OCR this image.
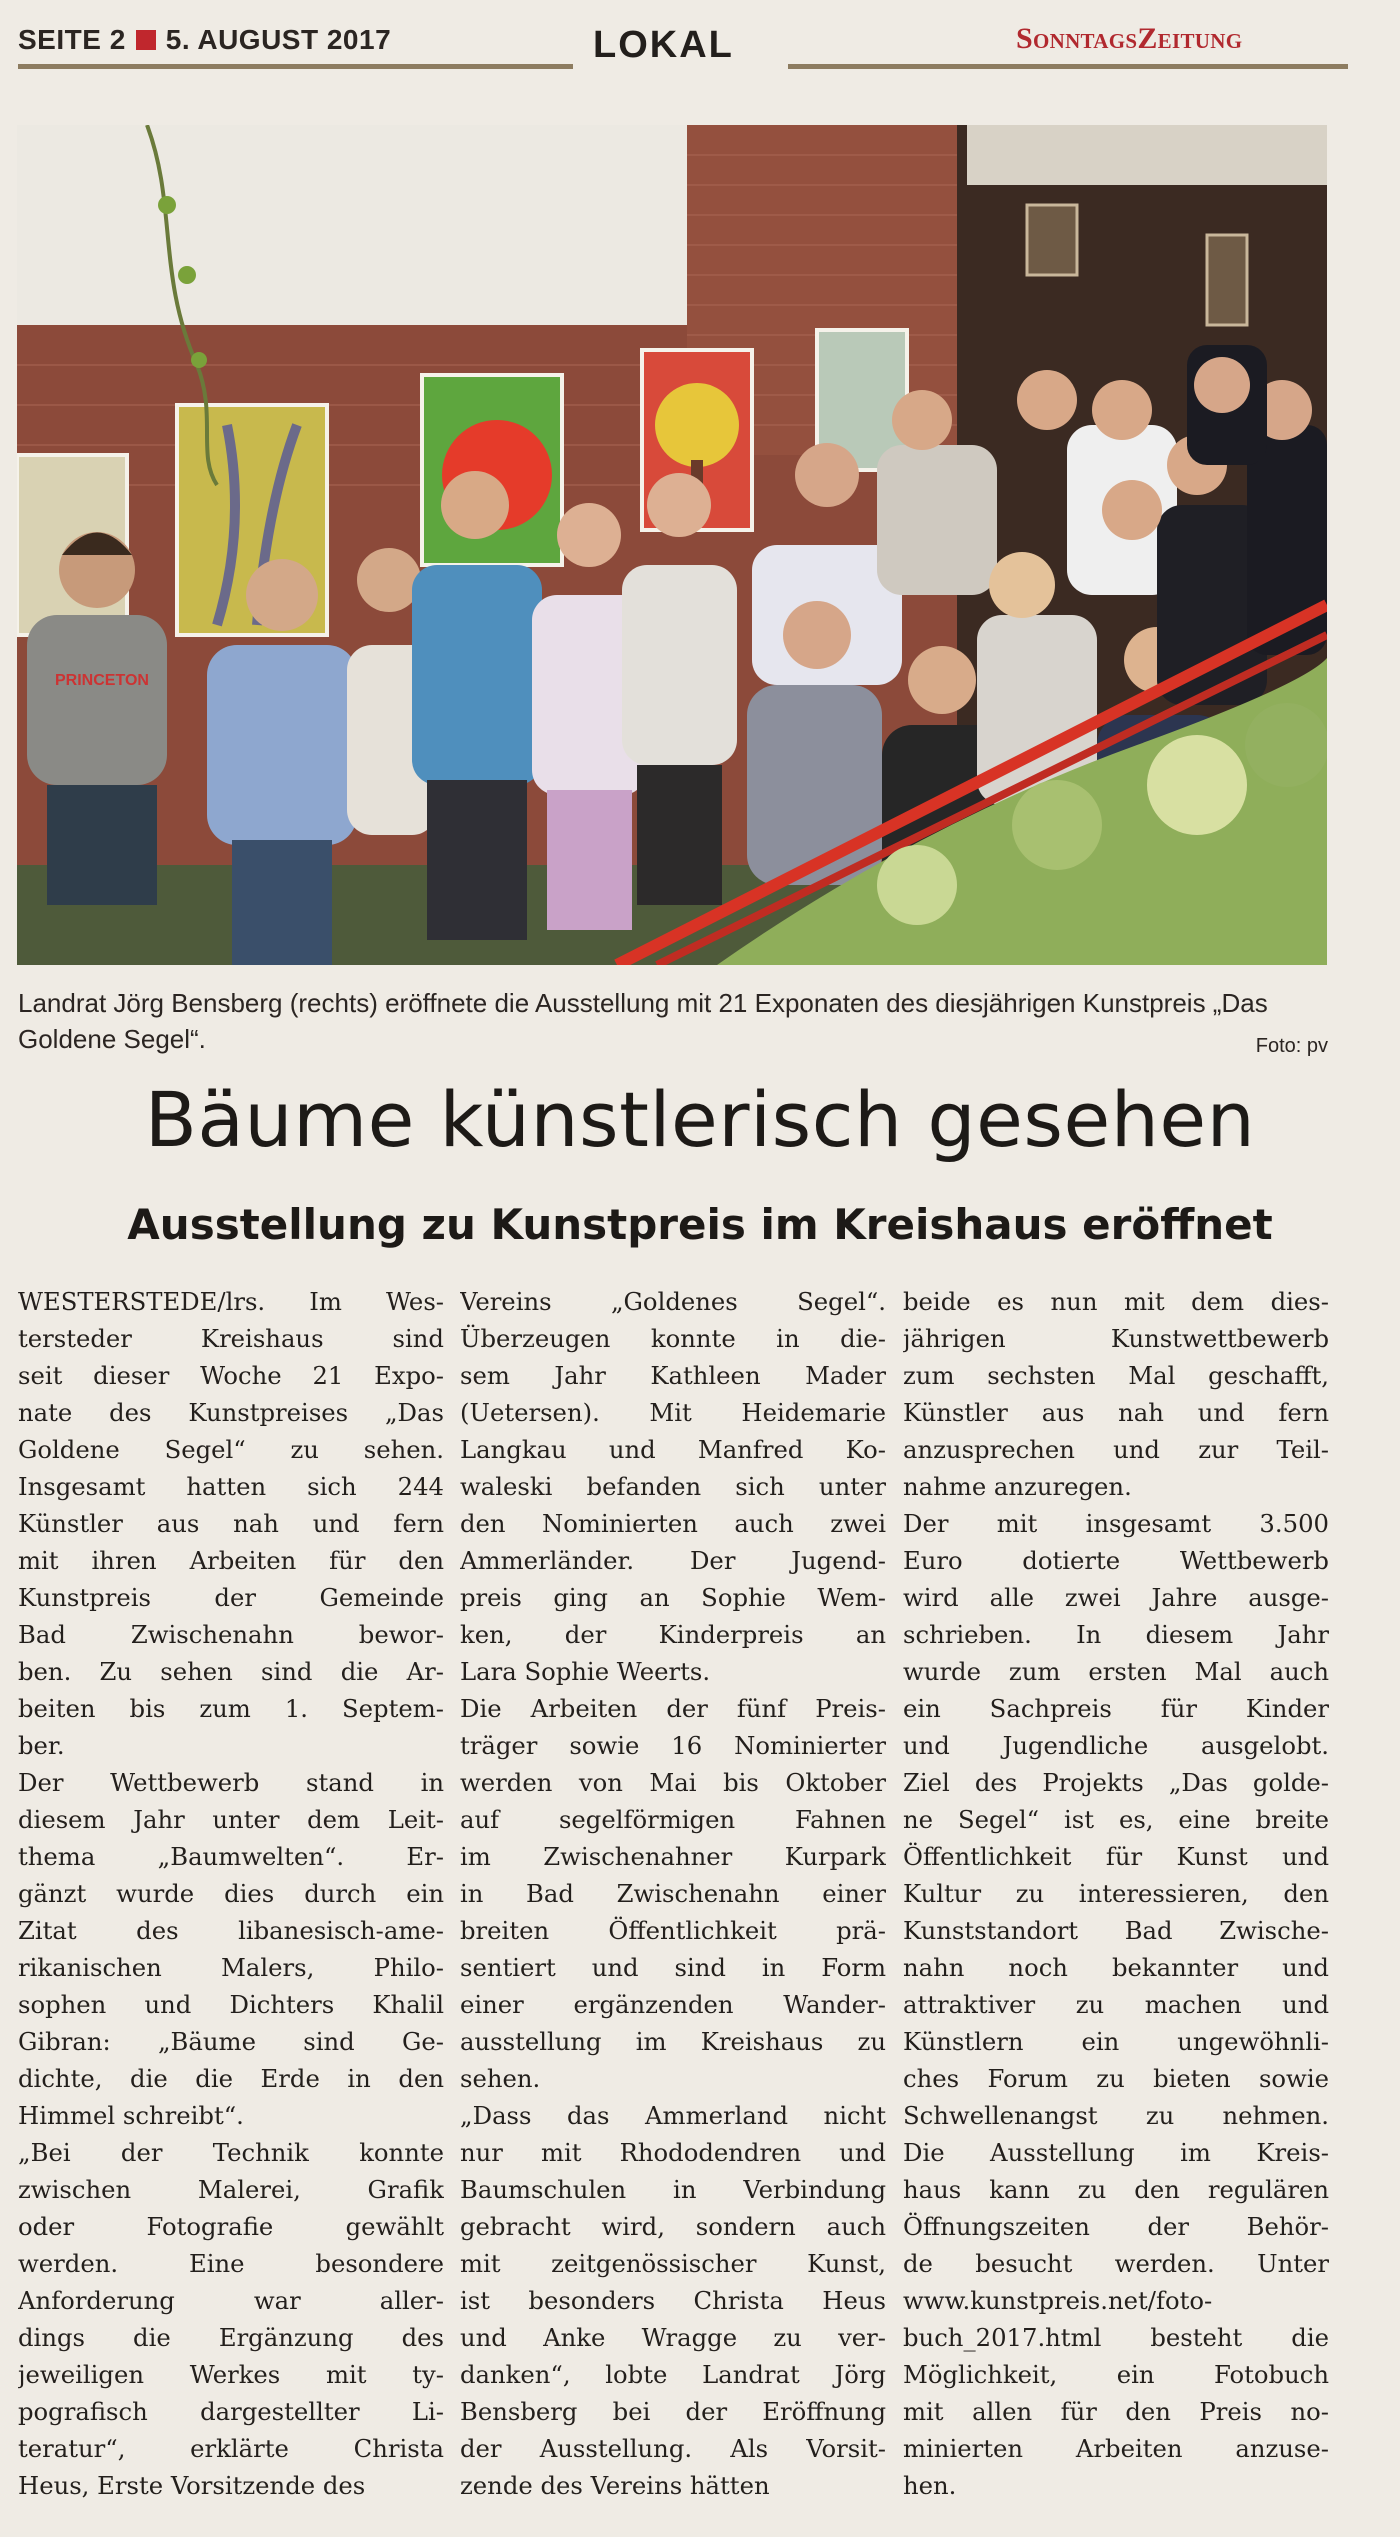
SEITE 2 5. AUGUST 2017	LOKAL	SonntagsZeitung
PRINCETON
Landrat Jörg Bensberg (rechts) eröffnete die Ausstellung mit 21 Exponaten des diesjährigen Kunstpreis „Das Goldene Segel“.	Foto: pv
Bäume künstlerisch gesehen
Ausstellung zu Kunstpreis im Kreishaus eröffnet
WESTERSTEDE/lrs. Im Wes-
tersteder Kreishaus sind
seit dieser Woche 21 Expo-
nate des Kunstpreises „Das
Goldene Segel“ zu sehen.
Insgesamt hatten sich 244
Künstler aus nah und fern
mit ihren Arbeiten für den
Kunstpreis der Gemeinde
Bad Zwischenahn bewor-
ben. Zu sehen sind die Ar-
beiten bis zum 1. Septem-
ber.
Der Wettbewerb stand in
diesem Jahr unter dem Leit-
thema „Baumwelten“. Er-
gänzt wurde dies durch ein
Zitat des libanesisch-ame-
rikanischen Malers, Philo-
sophen und Dichters Khalil
Gibran: „Bäume sind Ge-
dichte, die die Erde in den
Himmel schreibt“.
„Bei der Technik konnte
zwischen Malerei, Grafik
oder Fotografie gewählt
werden. Eine besondere
Anforderung war aller-
dings die Ergänzung des
jeweiligen Werkes mit ty-
pografisch dargestellter Li-
teratur“, erklärte Christa
Heus, Erste Vorsitzende des
Vereins „Goldenes Segel“.
Überzeugen konnte in die-
sem Jahr Kathleen Mader
(Uetersen). Mit Heidemarie
Langkau und Manfred Ko-
waleski befanden sich unter
den Nominierten auch zwei
Ammerländer. Der Jugend-
preis ging an Sophie Wem-
ken, der Kinderpreis an
Lara Sophie Weerts.
Die Arbeiten der fünf Preis-
träger sowie 16 Nominierter
werden von Mai bis Oktober
auf segelförmigen Fahnen
im Zwischenahner Kurpark
in Bad Zwischenahn einer
breiten Öffentlichkeit prä-
sentiert und sind in Form
einer ergänzenden Wander-
ausstellung im Kreishaus zu
sehen.
„Dass das Ammerland nicht
nur mit Rhododendren und
Baumschulen in Verbindung
gebracht wird, sondern auch
mit zeitgenössischer Kunst,
ist besonders Christa Heus
und Anke Wragge zu ver-
danken“, lobte Landrat Jörg
Bensberg bei der Eröffnung
der Ausstellung. Als Vorsit-
zende des Vereins hätten
beide es nun mit dem dies-
jährigen Kunstwettbewerb
zum sechsten Mal geschafft,
Künstler aus nah und fern
anzusprechen und zur Teil-
nahme anzuregen.
Der mit insgesamt 3.500
Euro dotierte Wettbewerb
wird alle zwei Jahre ausge-
schrieben. In diesem Jahr
wurde zum ersten Mal auch
ein Sachpreis für Kinder
und Jugendliche ausgelobt.
Ziel des Projekts „Das golde-
ne Segel“ ist es, eine breite
Öffentlichkeit für Kunst und
Kultur zu interessieren, den
Kunststandort Bad Zwische-
nahn noch bekannter und
attraktiver zu machen und
Künstlern ein ungewöhnli-
ches Forum zu bieten sowie
Schwellenangst zu nehmen.
Die Ausstellung im Kreis-
haus kann zu den regulären
Öffnungszeiten der Behör-
de besucht werden. Unter
www.kunstpreis.net/foto-
buch_2017.html besteht die
Möglichkeit, ein Fotobuch
mit allen für den Preis no-
minierten Arbeiten anzuse-
hen.
